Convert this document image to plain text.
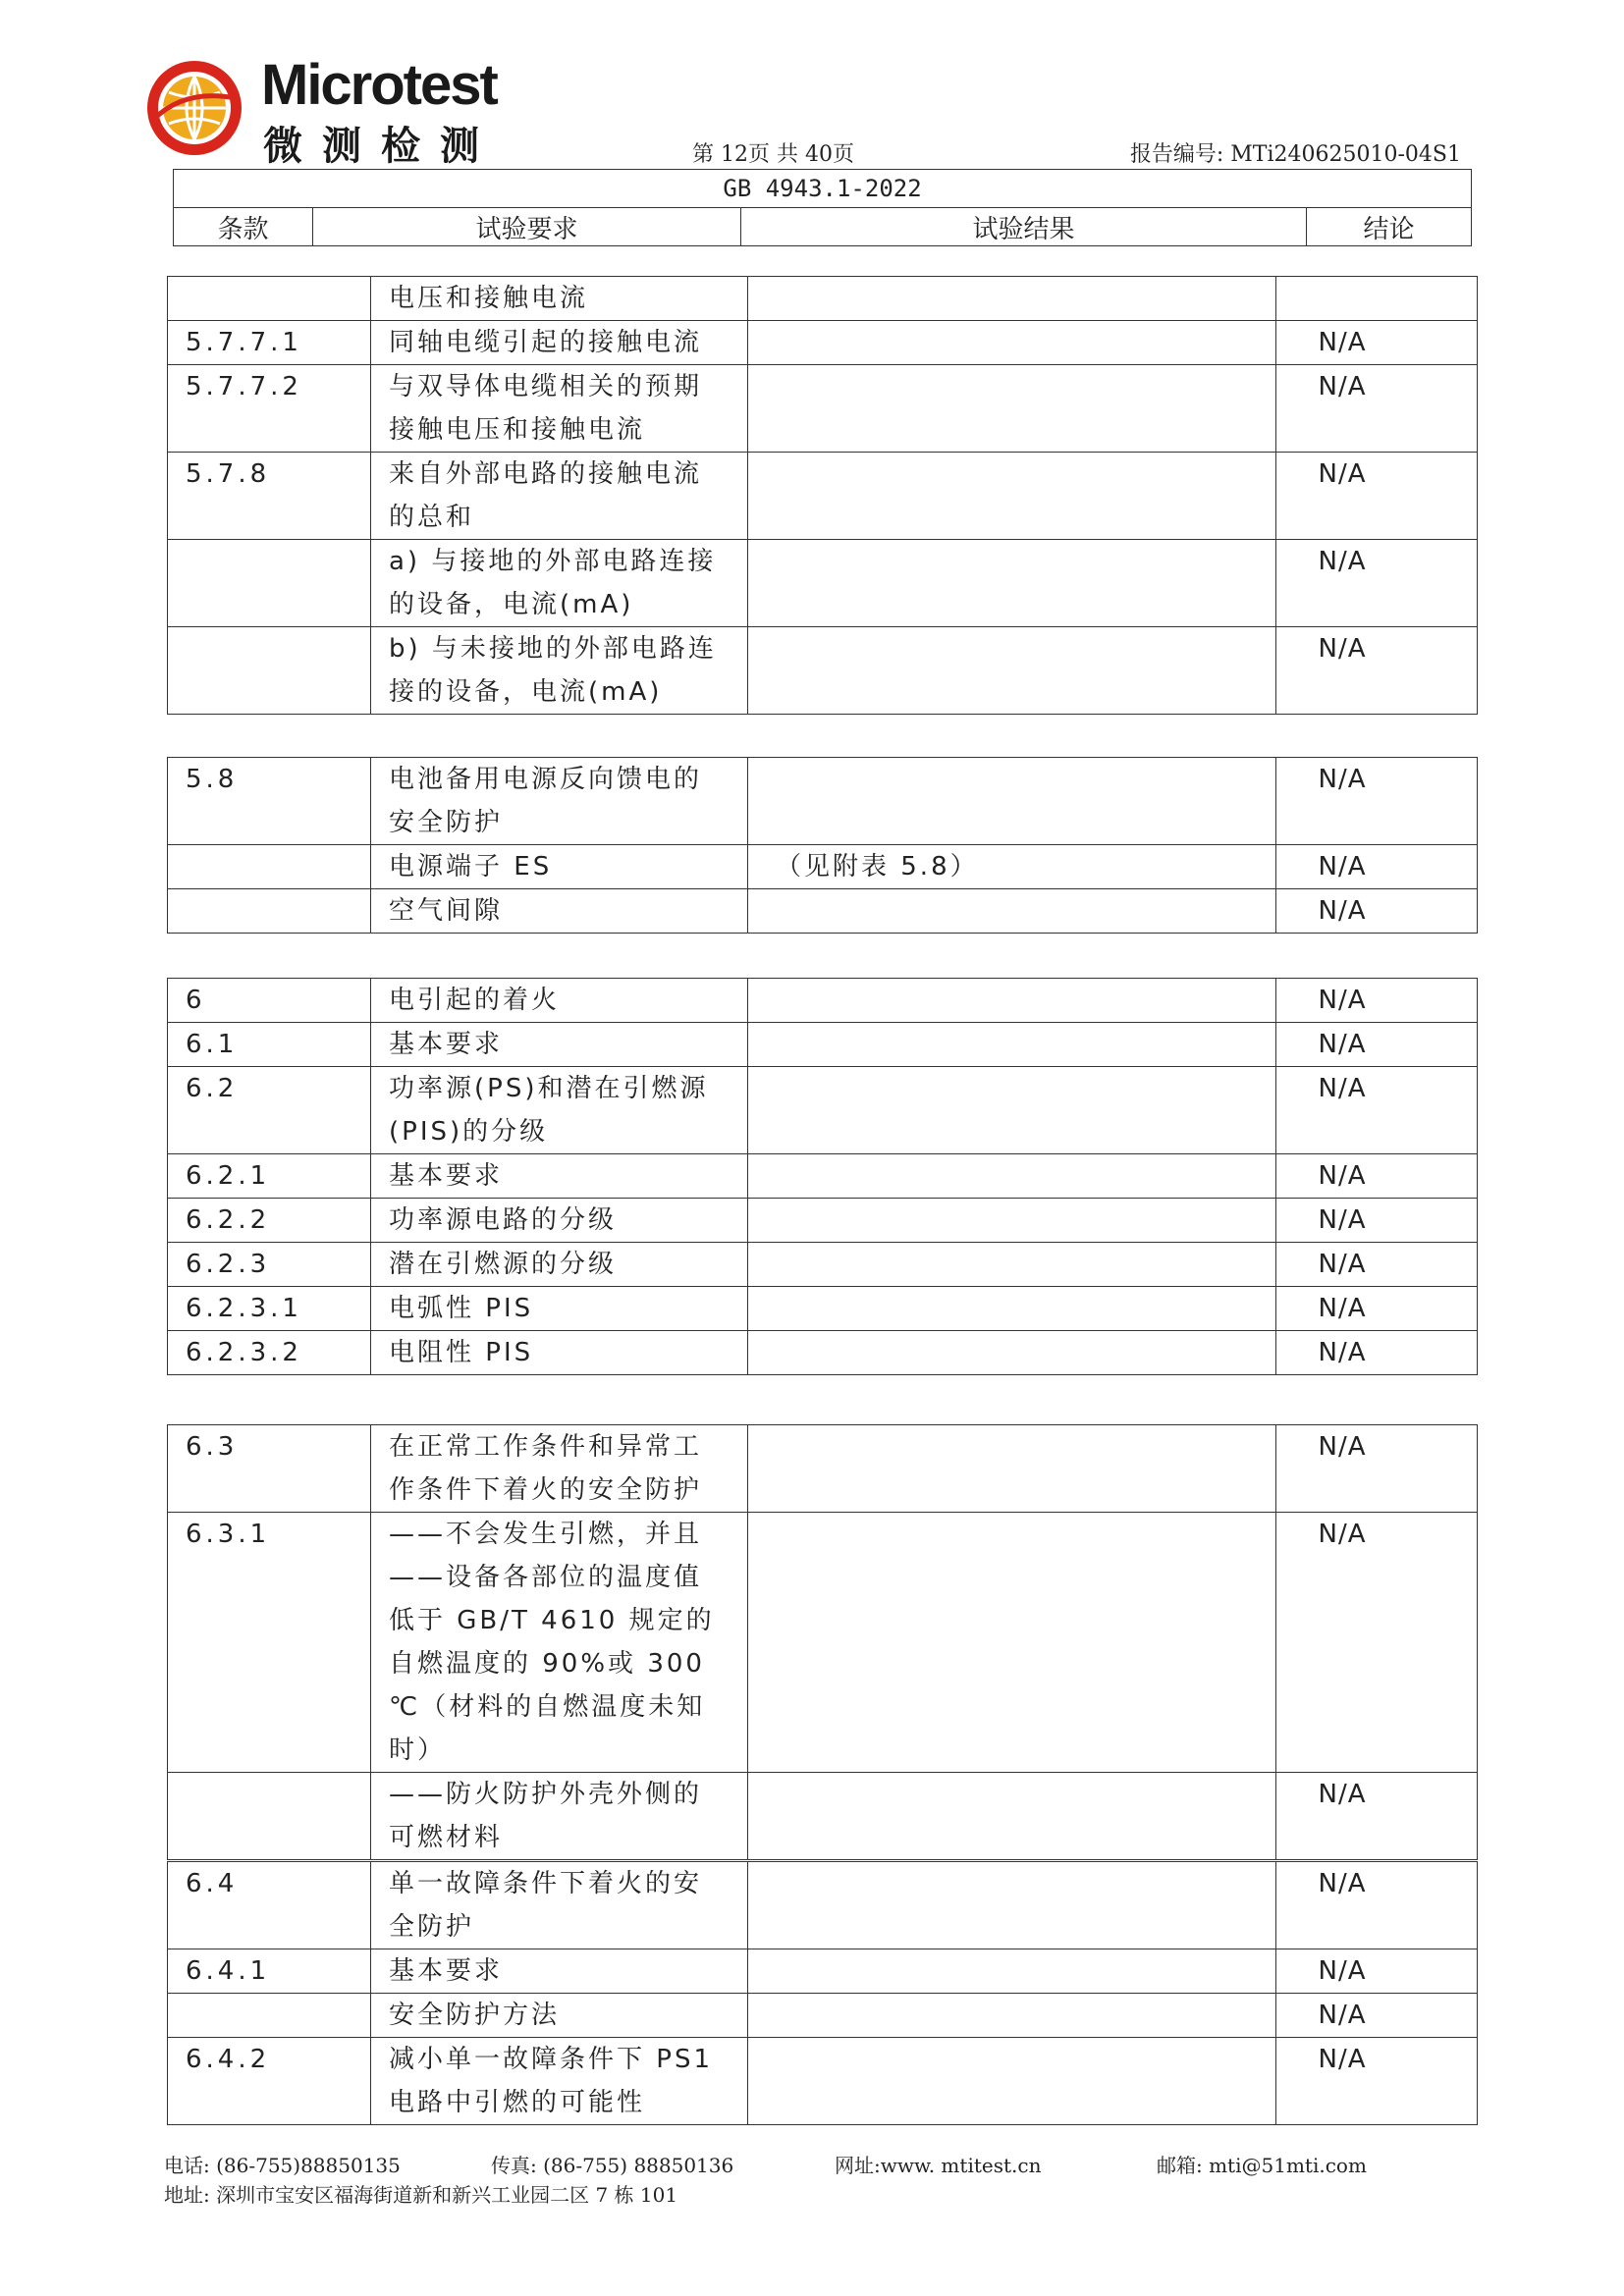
Microtest
微测检测	第 12页 共 40页	报告编号: MTi240625010-04S1
GB 4943.1-2022
条款	试验要求	试验结果	结论
	电压和接触电流		
5.7.7.1	同轴电缆引起的接触电流		N/A
5.7.7.2	与双导体电缆相关的预期接触电压和接触电流		N/A
5.7.8	来自外部电路的接触电流的总和		N/A
	a) 与接地的外部电路连接的设备，电流(mA)		N/A
	b) 与未接地的外部电路连接的设备，电流(mA)		N/A
5.8	电池备用电源反向馈电的安全防护		N/A
	电源端子 ES	（见附表 5.8）	N/A
	空气间隙		N/A
6	电引起的着火		N/A
6.1	基本要求		N/A
6.2	功率源(PS)和潜在引燃源(PIS)的分级		N/A
6.2.1	基本要求		N/A
6.2.2	功率源电路的分级		N/A
6.2.3	潜在引燃源的分级		N/A
6.2.3.1	电弧性 PIS		N/A
6.2.3.2	电阻性 PIS		N/A
6.3	在正常工作条件和异常工作条件下着火的安全防护		N/A
6.3.1	——不会发生引燃，并且 ——设备各部位的温度值低于 GB/T 4610 规定的自燃温度的 90%或 300 ℃（材料的自燃温度未知时）		N/A
	——防火防护外壳外侧的可燃材料		N/A
6.4	单一故障条件下着火的安全防护		N/A
6.4.1	基本要求		N/A
	安全防护方法		N/A
6.4.2	减小单一故障条件下 PS1 电路中引燃的可能性		N/A
电话: (86-755)88850135	传真: (86-755) 88850136	网址:www. mtitest.cn	邮箱: mti@51mti.com
地址: 深圳市宝安区福海街道新和新兴工业园二区 7 栋 101
